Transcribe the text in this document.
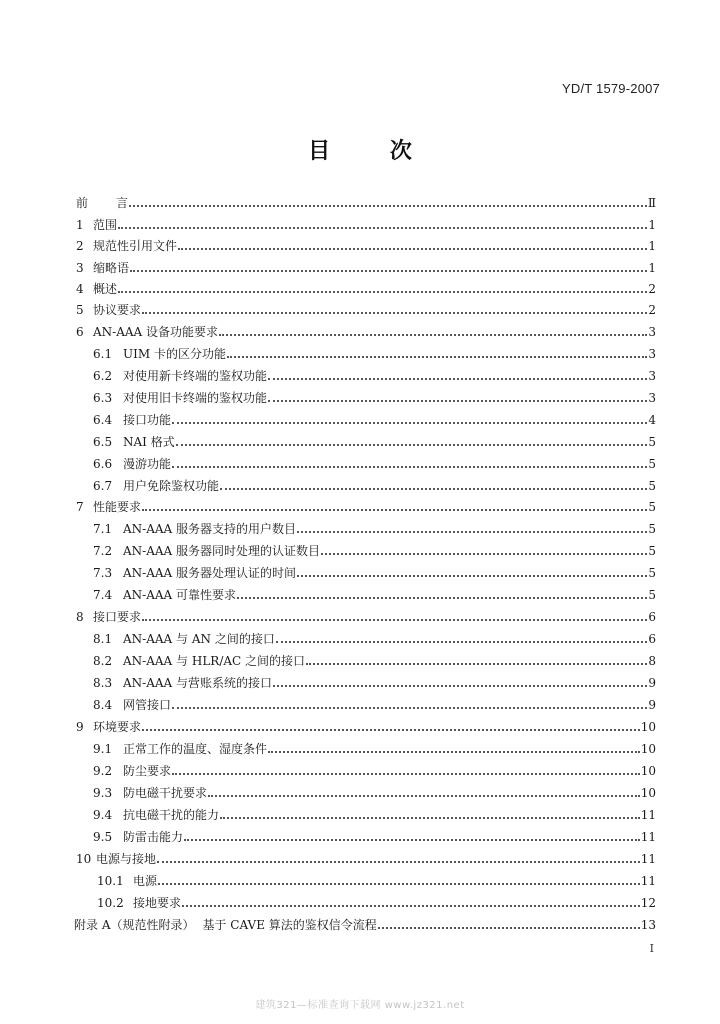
YD/T 1579-2007
目 次
前	言	Ⅱ
1 范围	1
2 规范性引用文件	1
3 缩略语	1
4 概述	2
5 协议要求	2
6 AN-AAA 设备功能要求	3
6.1 UIM 卡的区分功能	3
6.2 对使用新卡终端的鉴权功能	3
6.3 对使用旧卡终端的鉴权功能	3
6.4 接口功能	4
6.5 NAI 格式	5
6.6 漫游功能	5
6.7 用户免除鉴权功能	5
7 性能要求	5
7.1 AN-AAA 服务器支持的用户数目	5
7.2 AN-AAA 服务器同时处理的认证数目	5
7.3 AN-AAA 服务器处理认证的时间	5
7.4 AN-AAA 可靠性要求	5
8 接口要求	6
8.1 AN-AAA 与 AN 之间的接口	6
8.2 AN-AAA 与 HLR/AC 之间的接口	8
8.3 AN-AAA 与营账系统的接口	9
8.4 网管接口	9
9 环境要求	10
9.1 正常工作的温度、湿度条件	10
9.2 防尘要求	10
9.3 防电磁干扰要求	10
9.4 抗电磁干扰的能力	11
9.5 防雷击能力	11
10 电源与接地	11
10.1 电源	11
10.2 接地要求	12
附录 A（规范性附录） 基于 CAVE 算法的鉴权信令流程	13
I
建筑321—标准查询下载网 www.jz321.net
